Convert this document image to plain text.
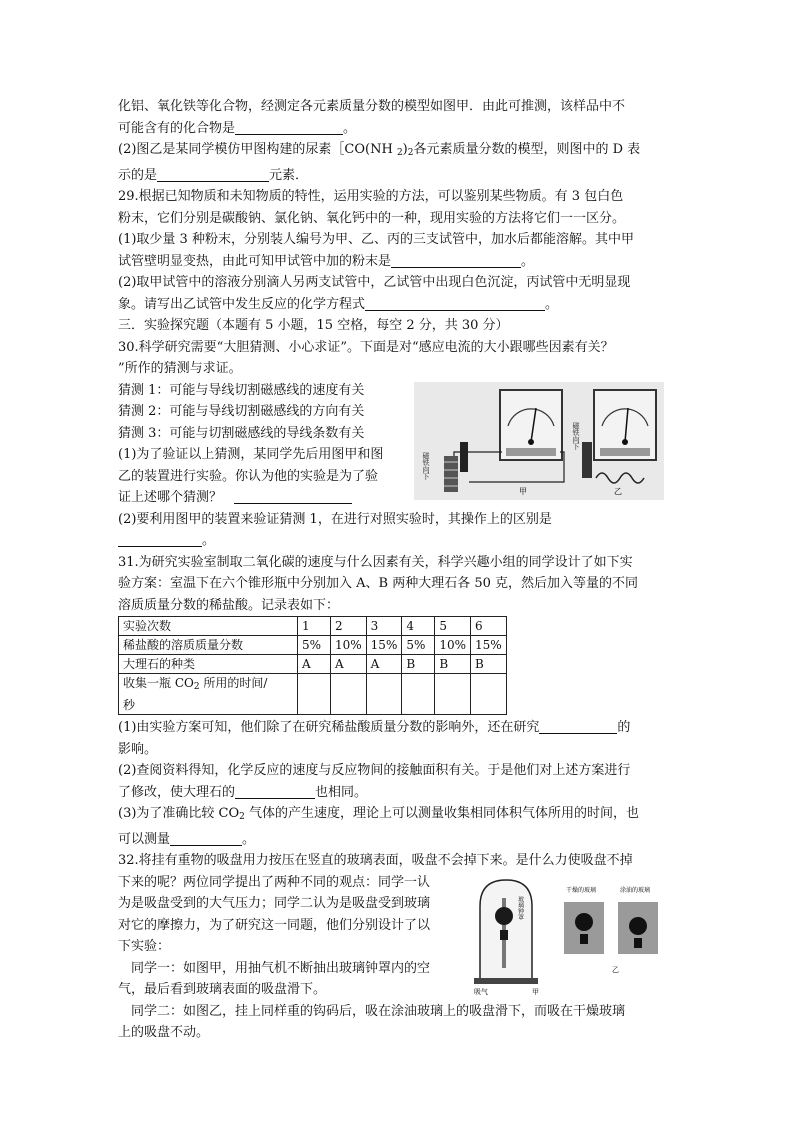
化铝、氧化铁等化合物，经测定各元素质量分数的模型如图甲．由此可推测，该样品中不

可能含有的化合物是	。

(2)图乙是某同学模仿甲图构建的尿素［CO(NH $_2)_2$各元素质量分数的模型，则图中的 D 表

示的是	元素．

29.根据已知物质和未知物质的特性，运用实验的方法，可以鉴别某些物质。有 3 包白色

粉末，它们分别是碳酸钠、氯化钠、氧化钙中的一种，现用实验的方法将它们一一区分。

(1)取少量 3 种粉末，分别装人编号为甲、乙、丙的三支试管中，加水后都能溶解。其中甲

试管壁明显变热，由此可知甲试管中加的粉末是	。

(2)取甲试管中的溶液分别滴人另两支试管中，乙试管中出现白色沉淀，丙试管中无明显现

象。请写出乙试管中发生反应的化学方程式	。

三．实验探究题（本题有 5 小题，15 空格，每空 2 分，共 30 分）

30.科学研究需要“大胆猜测、小心求证”。下面是对“感应电流的大小跟哪些因素有关？

”所作的猜测与求证。

猜测 1：可能与导线切割磁感线的速度有关

猜测 2：可能与导线切割磁感线的方向有关

猜测 3：可能与切割磁感线的导线条数有关

(1)为了验证以上猜测，某同学先后用图甲和图

乙的装置进行实验。你认为他的实验是为了验

证上述哪个猜测？

磁铁向下
甲
磁铁向下
乙

(2)要利用图甲的装置来验证猜测 1，在进行对照实验时，其操作上的区别是

。

31.为研究实验室制取二氧化碳的速度与什么因素有关，科学兴趣小组的同学设计了如下实

验方案：室温下在六个锥形瓶中分别加入 A、B 两种大理石各 50 克，然后加入等量的不同

溶质质量分数的稀盐酸。记录表如下：

实验次数	1	2	3	4	5	6
稀盐酸的溶质质量分数	5%	10%	15%	5%	10%	15%
大理石的种类	A	A	A	B	B	B
收集一瓶 $CO_2$ 所用的时间/
秒						

(1)由实验方案可知，他们除了在研究稀盐酸质量分数的影响外，还在研究	的

影响。

(2)查阅资料得知，化学反应的速度与反应物间的接触面积有关。于是他们对上述方案进行

了修改，使大理石的	也相同。

(3)为了准确比较 $CO_2$ 气体的产生速度，理论上可以测量收集相同体积气体所用的时间，也

可以测量	。

32.将挂有重物的吸盘用力按压在竖直的玻璃表面，吸盘不会掉下来。是什么力使吸盘不掉

下来的呢？两位同学提出了两种不同的观点：同学一认

为是吸盘受到的大气压力；同学二认为是吸盘受到玻璃

对它的摩擦力，为了研究这一同题，他们分别设计了以

下实验：

　同学一：如图甲，用抽气机不断抽出玻璃钟罩内的空

气，最后看到玻璃表面的吸盘滑下。

玻璃钟罩
吸气	甲
干燥的玻璃	涂油的玻璃
乙

　同学二：如图乙，挂上同样重的钩码后，吸在涂油玻璃上的吸盘滑下，而吸在干燥玻璃

上的吸盘不动。
